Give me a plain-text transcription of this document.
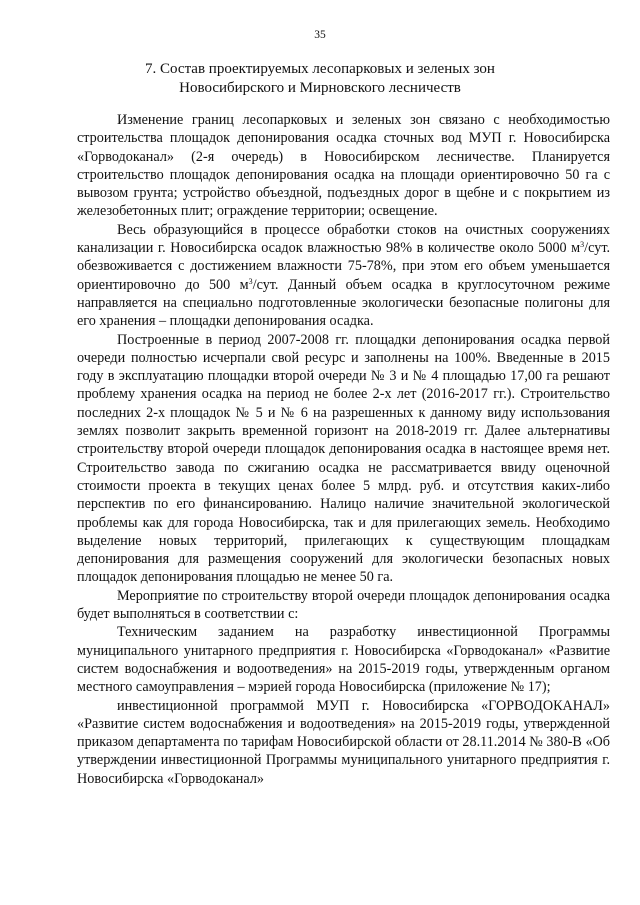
35
7. Состав проектируемых лесопарковых и зеленых зон
Новосибирского и Мирновского лесничеств

Изменение границ лесопарковых и зеленых зон связано с необходимостью строительства площадок депонирования осадка сточных вод МУП г. Новосибирска «Горводоканал» (2-я очередь) в Новосибирском лесничестве. Планируется строительство площадок депонирования осадка на площади ориентировочно 50 га с вывозом грунта; устройство объездной, подъездных дорог в щебне и с покрытием из железобетонных плит; ограждение территории; освещение.

Весь образующийся в процессе обработки стоков на очистных сооружениях канализации г. Новосибирска осадок влажностью 98% в количестве около 5000 $м^3$/сут. обезвоживается с достижением влажности 75-78%, при этом его объем уменьшается ориентировочно до 500 $м^3$/сут. Данный объем осадка в круглосуточном режиме направляется на специально подготовленные экологически безопасные полигоны для его хранения – площадки депонирования осадка.

Построенные в период 2007-2008 гг. площадки депонирования осадка первой очереди полностью исчерпали свой ресурс и заполнены на 100%. Введенные в 2015 году в эксплуатацию площадки второй очереди № 3 и № 4 площадью 17,00 га решают проблему хранения осадка на период не более 2-х лет (2016-2017 гг.). Строительство последних 2-х площадок № 5 и № 6 на разрешенных к данному виду использования землях позволит закрыть временной горизонт на 2018-2019 гг. Далее альтернативы строительству второй очереди площадок депонирования осадка в настоящее время нет. Строительство завода по сжиганию осадка не рассматривается ввиду оценочной стоимости проекта в текущих ценах более 5 млрд. руб. и отсутствия каких-либо перспектив по его финансированию. Налицо наличие значительной экологической проблемы как для города Новосибирска, так и для прилегающих земель. Необходимо выделение новых территорий, прилегающих к существующим площадкам депонирования для размещения сооружений для экологически безопасных новых площадок депонирования площадью не менее 50 га.

Мероприятие по строительству второй очереди площадок депонирования осадка будет выполняться в соответствии с:

Техническим заданием на разработку инвестиционной Программы муниципального унитарного предприятия г. Новосибирска «Горводоканал» «Развитие систем водоснабжения и водоотведения» на 2015-2019 годы, утвержденным органом местного самоуправления – мэрией города Новосибирска (приложение № 17);

инвестиционной программой МУП г. Новосибирска «ГОРВОДОКАНАЛ» «Развитие систем водоснабжения и водоотведения» на 2015-2019 годы, утвержденной приказом департамента по тарифам Новосибирской области от 28.11.2014 № 380-В «Об утверждении инвестиционной Программы муниципального унитарного предприятия г. Новосибирска «Горводоканал»
